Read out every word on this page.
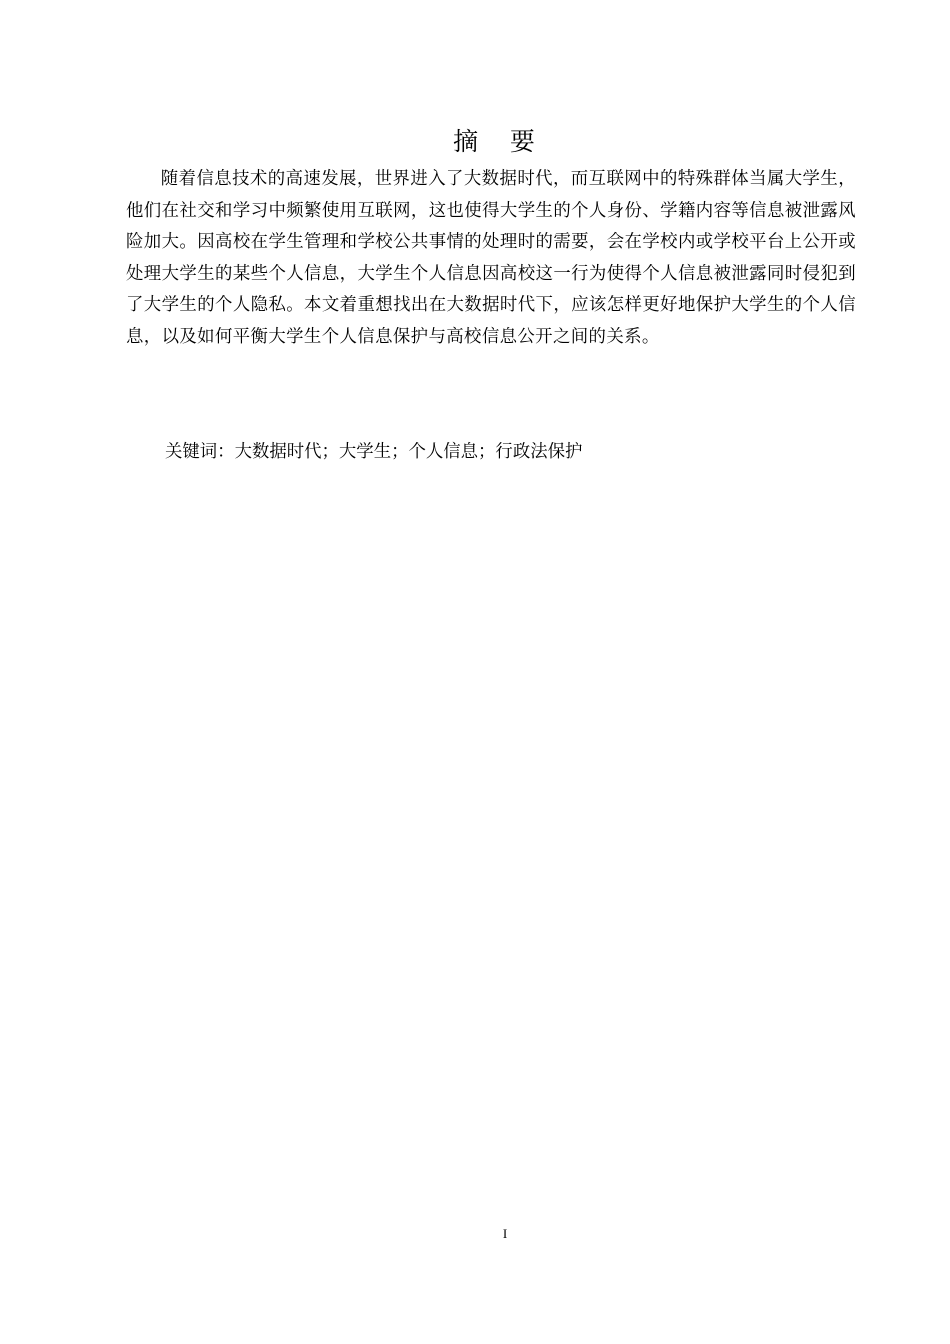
摘    要

随着信息技术的高速发展，世界进入了大数据时代，而互联网中的特殊群体当属大学生，他们在社交和学习中频繁使用互联网，这也使得大学生的个人身份、学籍内容等信息被泄露风险加大。因高校在学生管理和学校公共事情的处理时的需要，会在学校内或学校平台上公开或处理大学生的某些个人信息，大学生个人信息因高校这一行为使得个人信息被泄露同时侵犯到了大学生的个人隐私。本文着重想找出在大数据时代下，应该怎样更好地保护大学生的个人信息，以及如何平衡大学生个人信息保护与高校信息公开之间的关系。

关键词：大数据时代；大学生；个人信息；行政法保护
I
